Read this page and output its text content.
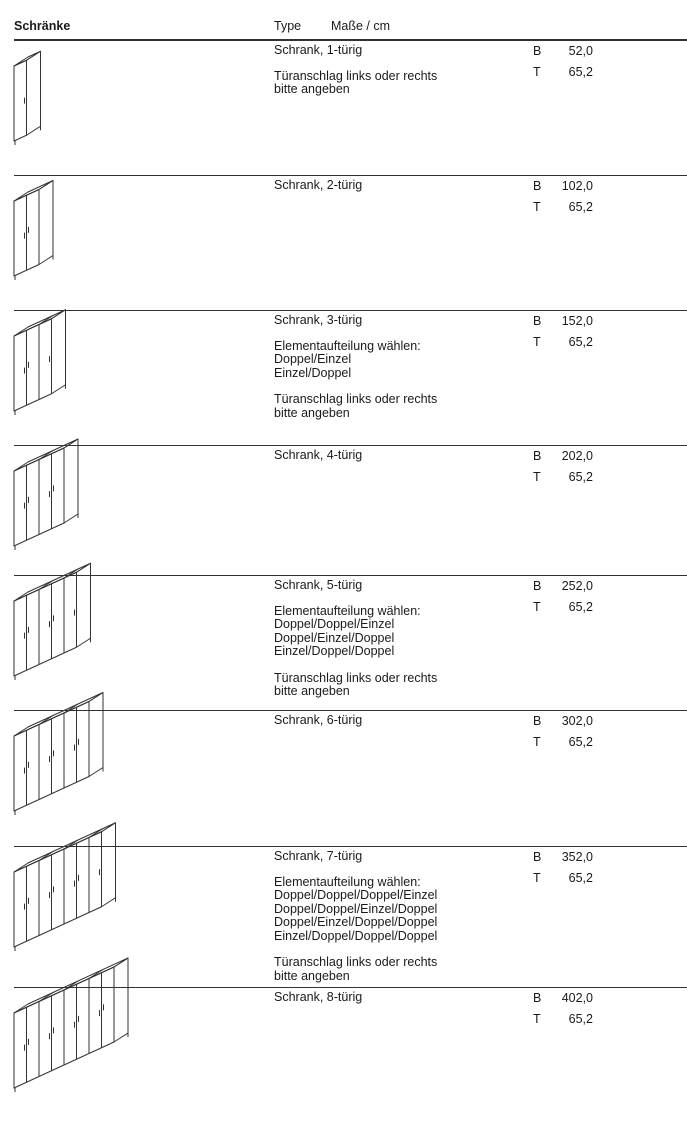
Schränke	Type Maße / cm
Schrank, 1-türig
Türanschlag links oder rechts
bitte angeben
B 52,0
T 65,2
Schrank, 2-türig	B 102,0
T 65,2
Schrank, 3-türig
Elementaufteilung wählen:
Doppel/Einzel
Einzel/Doppel
Türanschlag links oder rechts
bitte angeben
B 152,0
T 65,2
Schrank, 4-türig	B 202,0
T 65,2
Schrank, 5-türig
Elementaufteilung wählen:
Doppel/Doppel/Einzel
Doppel/Einzel/Doppel
Einzel/Doppel/Doppel
Türanschlag links oder rechts
bitte angeben
B 252,0
T 65,2
Schrank, 6-türig	B 302,0
T 65,2
Schrank, 7-türig
Elementaufteilung wählen:
Doppel/Doppel/Doppel/Einzel
Doppel/Doppel/Einzel/Doppel
Doppel/Einzel/Doppel/Doppel
Einzel/Doppel/Doppel/Doppel
Türanschlag links oder rechts
bitte angeben
B 352,0
T 65,2
Schrank, 8-türig	B 402,0
T 65,2
